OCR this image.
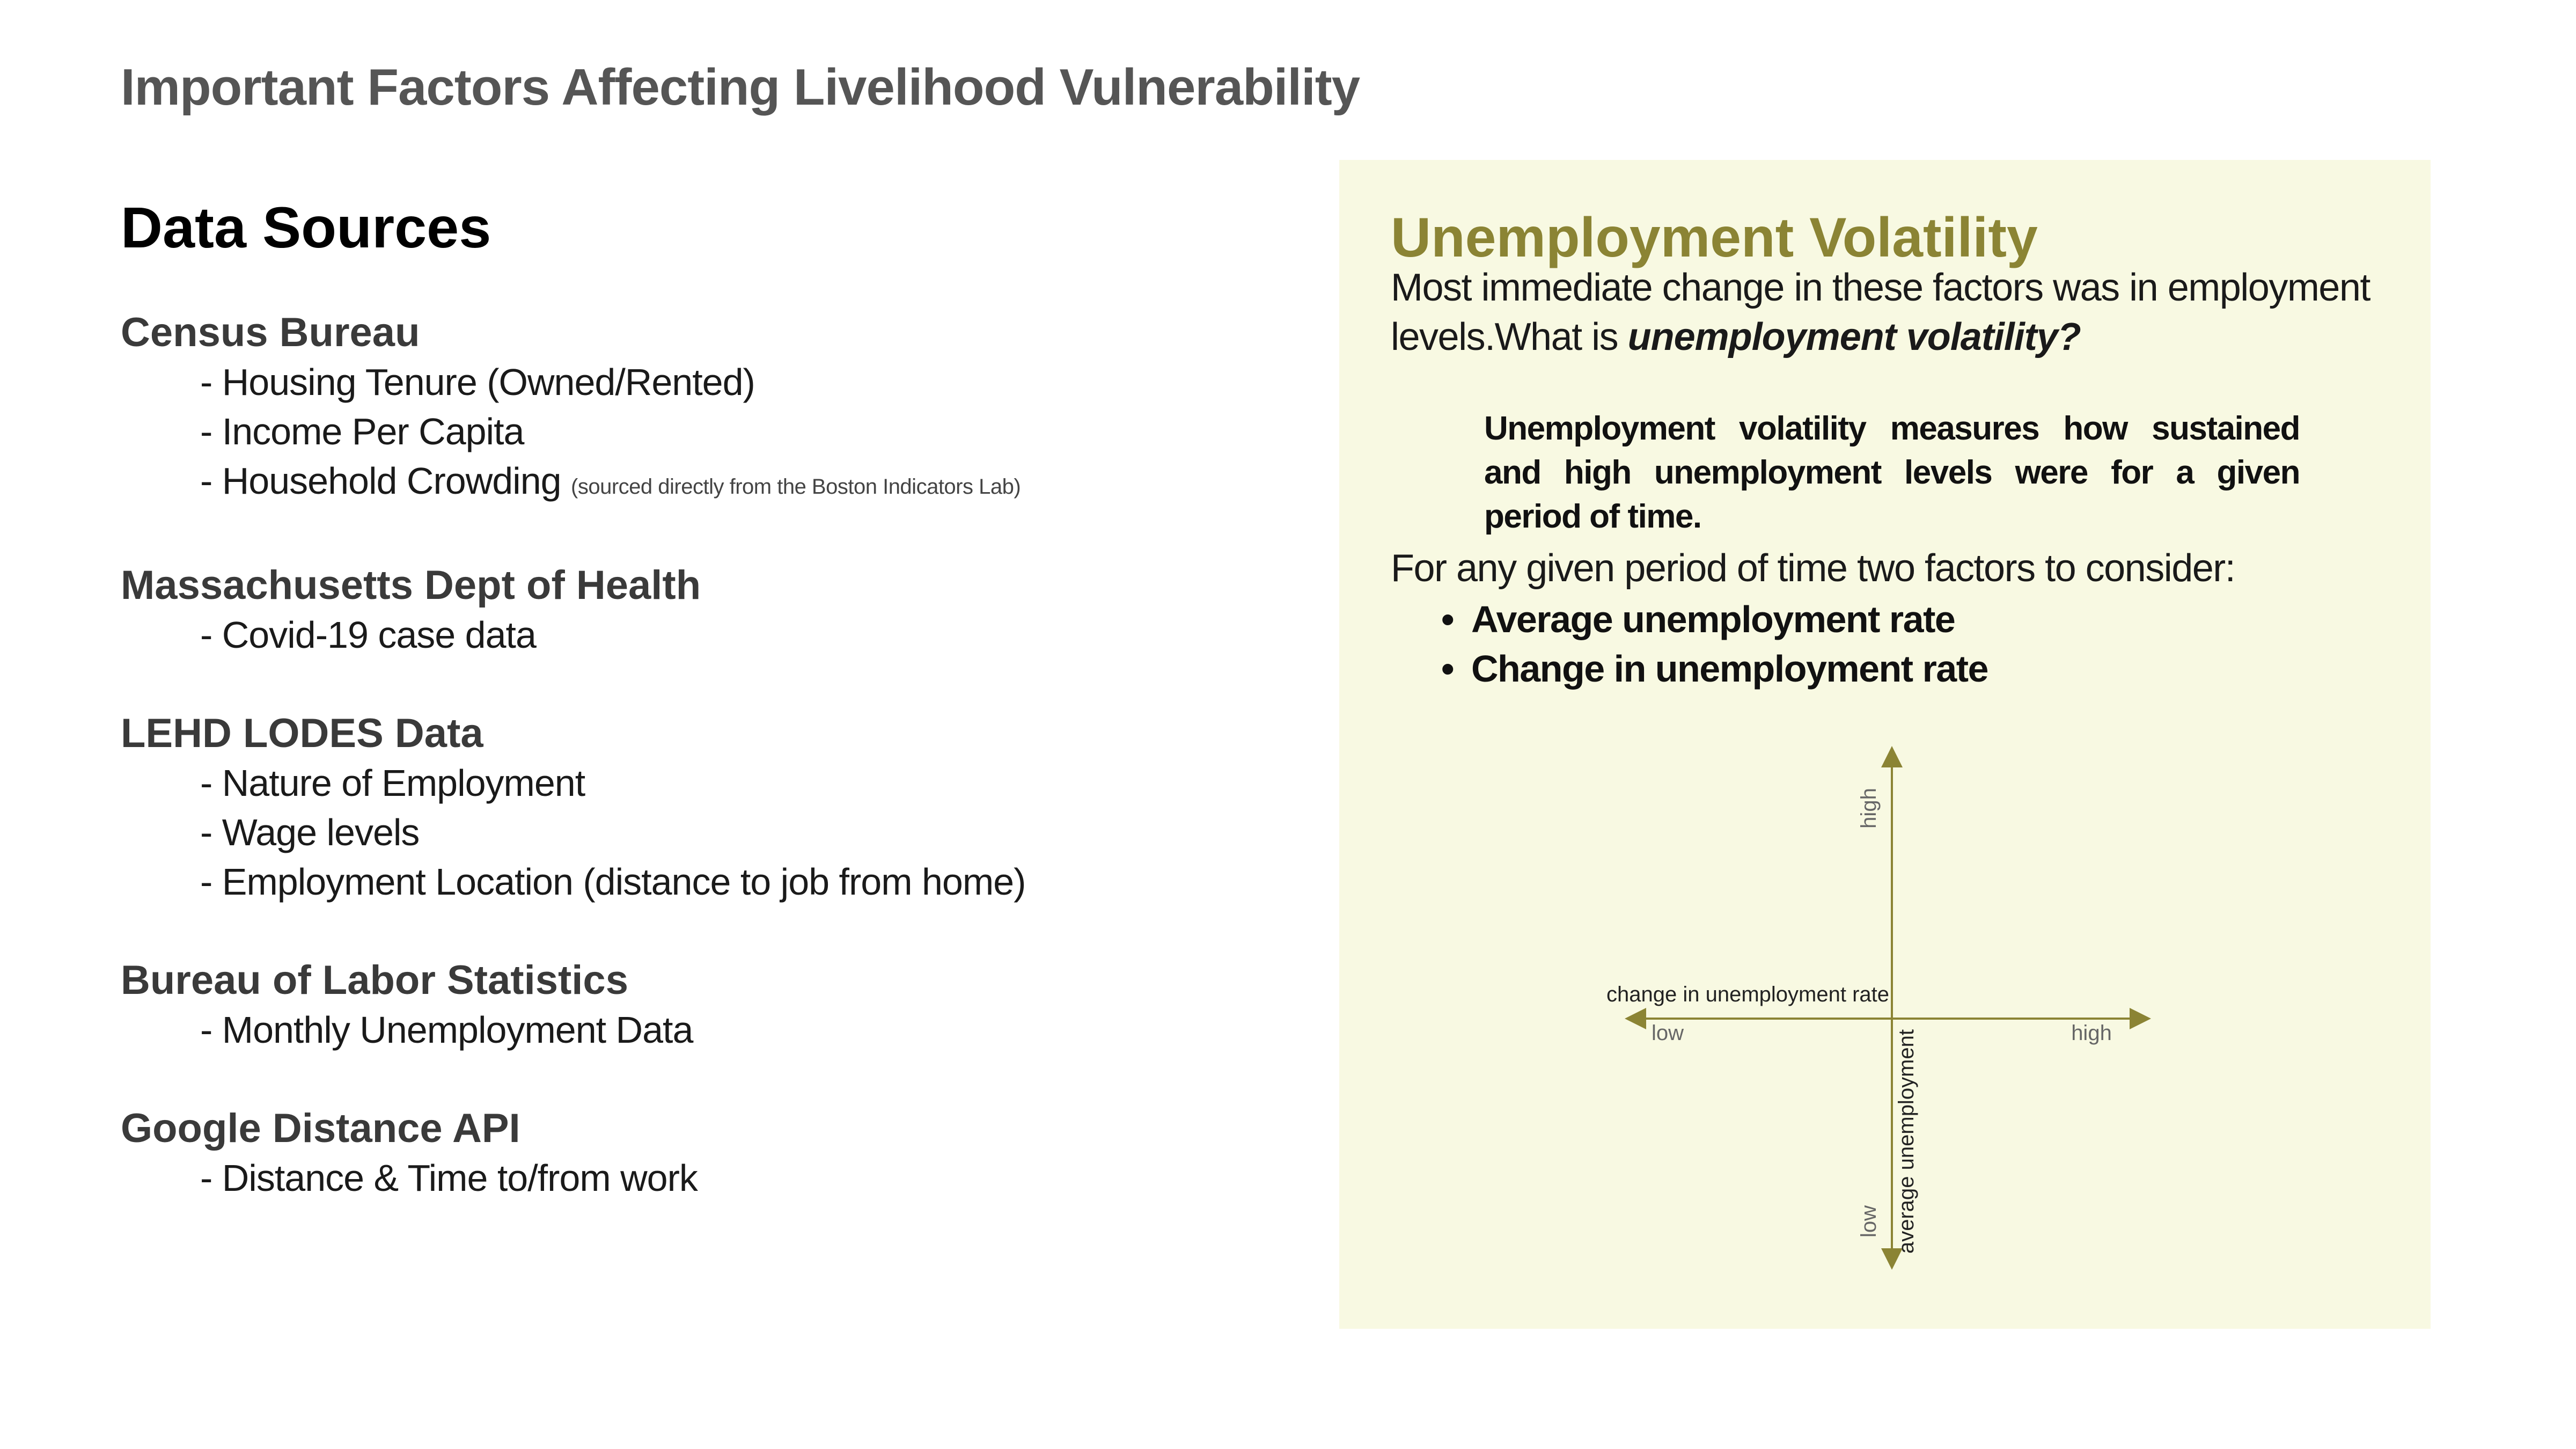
Important Factors Affecting Livelihood Vulnerability
Data Sources
Census Bureau
- Housing Tenure (Owned/Rented)
- Income Per Capita
- Household Crowding (sourced directly from the Boston Indicators Lab)
Massachusetts Dept of Health
- Covid-19 case data
LEHD LODES Data
- Nature of Employment
- Wage levels
- Employment Location (distance to job from home)
Bureau of Labor Statistics
- Monthly Unemployment Data
Google Distance API
- Distance & Time to/from work
Unemployment Volatility
Most immediate change in these factors was in employment levels.What is unemployment volatility?
Unemployment volatility measures how sustained and high unemployment levels were for a given period of time.
For any given period of time two factors to consider:
• Average unemployment rate
• Change in unemployment rate
change in unemployment rate
low	high
average unemployment
high
low
